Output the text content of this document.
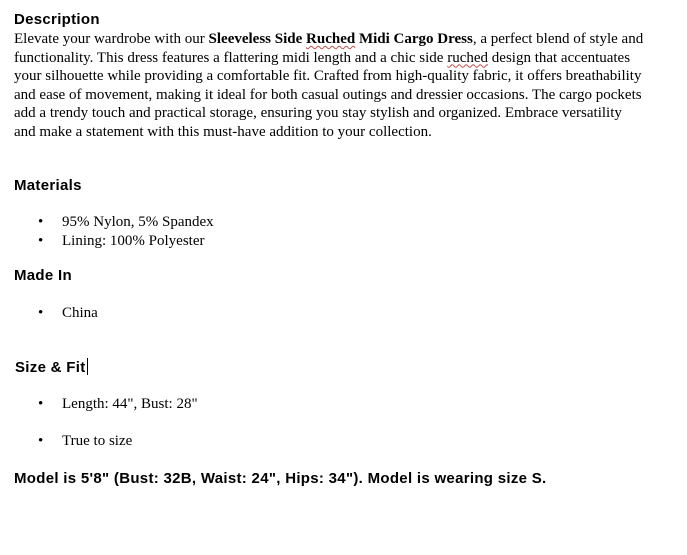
Description

Elevate your wardrobe with our Sleeveless Side Ruched Midi Cargo Dress, a perfect blend of style and functionality. This dress features a flattering midi length and a chic side ruched design that accentuates your silhouette while providing a comfortable fit. Crafted from high-quality fabric, it offers breathability and ease of movement, making it ideal for both casual outings and dressier occasions. The cargo pockets add a trendy touch and practical storage, ensuring you stay stylish and organized. Embrace versatility and make a statement with this must-have addition to your collection.

Materials

• 95% Nylon, 5% Spandex
• Lining: 100% Polyester

Made In

• China

Size & Fit

• Length: 44", Bust: 28"
• True to size

Model is 5'8" (Bust: 32B, Waist: 24", Hips: 34"). Model is wearing size S.
